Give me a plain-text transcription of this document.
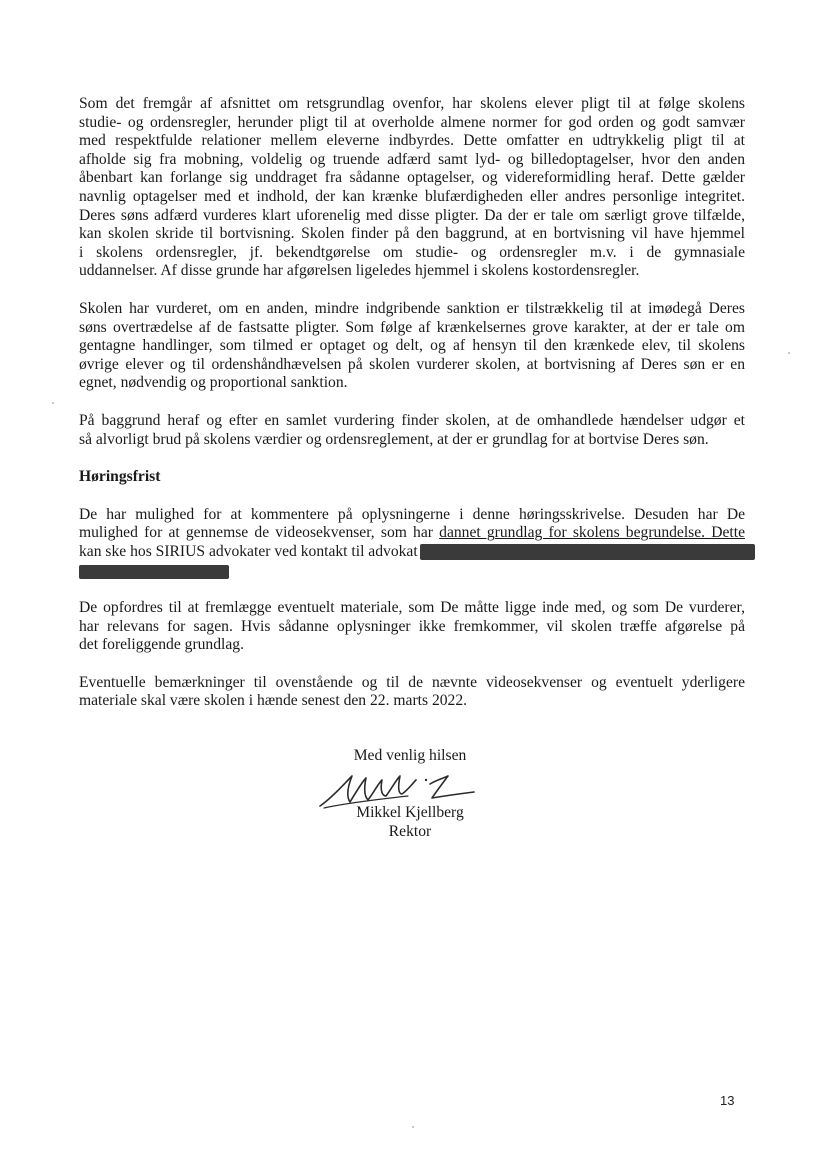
Som det fremgår af afsnittet om retsgrundlag ovenfor, har skolens elever pligt til at følge skolens
studie- og ordensregler, herunder pligt til at overholde almene normer for god orden og godt samvær
med respektfulde relationer mellem eleverne indbyrdes. Dette omfatter en udtrykkelig pligt til at
afholde sig fra mobning, voldelig og truende adfærd samt lyd- og billedoptagelser, hvor den anden
åbenbart kan forlange sig unddraget fra sådanne optagelser, og videreformidling heraf. Dette gælder
navnlig optagelser med et indhold, der kan krænke blufærdigheden eller andres personlige integritet.
Deres søns adfærd vurderes klart uforenelig med disse pligter. Da der er tale om særligt grove tilfælde,
kan skolen skride til bortvisning. Skolen finder på den baggrund, at en bortvisning vil have hjemmel
i skolens ordensregler, jf. bekendtgørelse om studie- og ordensregler m.v. i de gymnasiale
uddannelser. Af disse grunde har afgørelsen ligeledes hjemmel i skolens kostordensregler.
Skolen har vurderet, om en anden, mindre indgribende sanktion er tilstrækkelig til at imødegå Deres
søns overtrædelse af de fastsatte pligter. Som følge af krænkelsernes grove karakter, at der er tale om
gentagne handlinger, som tilmed er optaget og delt, og af hensyn til den krænkede elev, til skolens
øvrige elever og til ordenshåndhævelsen på skolen vurderer skolen, at bortvisning af Deres søn er en
egnet, nødvendig og proportional sanktion.
På baggrund heraf og efter en samlet vurdering finder skolen, at de omhandlede hændelser udgør et
så alvorligt brud på skolens værdier og ordensreglement, at der er grundlag for at bortvise Deres søn.
Høringsfrist
De har mulighed for at kommentere på oplysningerne i denne høringsskrivelse. Desuden har De
mulighed for at gennemse de videosekvenser, som har dannet grundlag for skolens begrundelse. Dette
kan ske hos SIRIUS advokater ved kontakt til advokat
De opfordres til at fremlægge eventuelt materiale, som De måtte ligge inde med, og som De vurderer,
har relevans for sagen. Hvis sådanne oplysninger ikke fremkommer, vil skolen træffe afgørelse på
det foreliggende grundlag.
Eventuelle bemærkninger til ovenstående og til de nævnte videosekvenser og eventuelt yderligere
materiale skal være skolen i hænde senest den 22. marts 2022.
Med venlig hilsen
Mikkel Kjellberg
Rektor
13
